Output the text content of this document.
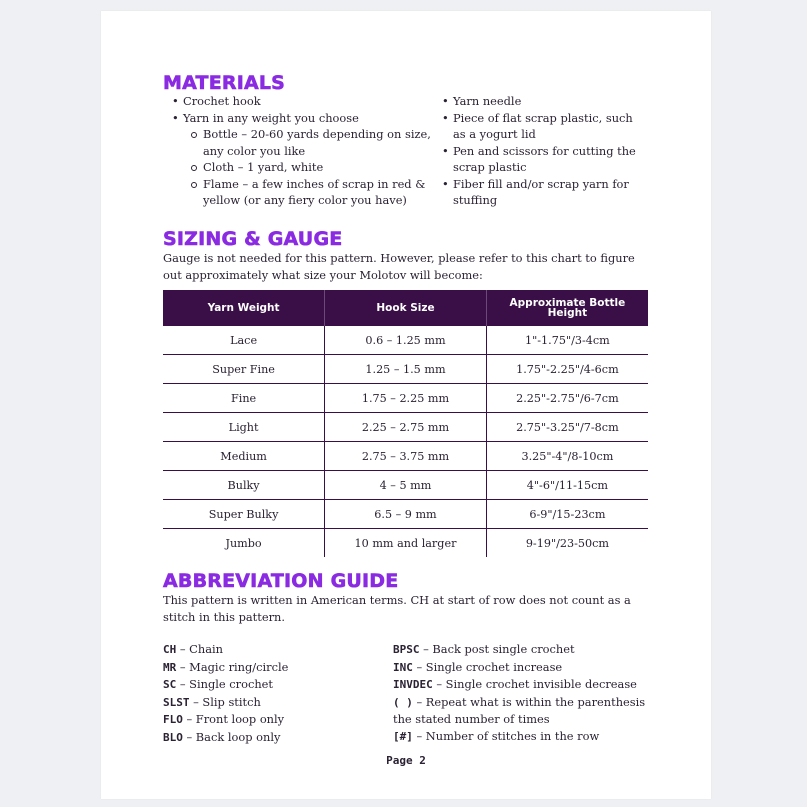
MATERIALS
• Crochet hook
• Yarn in any weight you choose
Bottle – 20-60 yards depending on size, any color you like
Cloth – 1 yard, white
Flame – a few inches of scrap in red & yellow (or any fiery color you have)
• Yarn needle
• Piece of flat scrap plastic, such as a yogurt lid
• Pen and scissors for cutting the scrap plastic
• Fiber fill and/or scrap yarn for stuffing
SIZING & GAUGE
Gauge is not needed for this pattern. However, please refer to this chart to figure out approximately what size your Molotov will become:
Yarn Weight	Hook Size	Approximate Bottle Height
Lace	0.6 – 1.25 mm	1"-1.75"/3-4cm
Super Fine	1.25 – 1.5 mm	1.75"-2.25"/4-6cm
Fine	1.75 – 2.25 mm	2.25"-2.75"/6-7cm
Light	2.25 – 2.75 mm	2.75"-3.25"/7-8cm
Medium	2.75 – 3.75 mm	3.25"-4"/8-10cm
Bulky	4 – 5 mm	4"-6"/11-15cm
Super Bulky	6.5 – 9 mm	6-9"/15-23cm
Jumbo	10 mm and larger	9-19"/23-50cm
ABBREVIATION GUIDE
This pattern is written in American terms. CH at start of row does not count as a stitch in this pattern.
CH – Chain
MR – Magic ring/circle
SC – Single crochet
SLST – Slip stitch
FLO – Front loop only
BLO – Back loop only
BPSC – Back post single crochet
INC – Single crochet increase
INVDEC – Single crochet invisible decrease
( ) – Repeat what is within the parenthesis the stated number of times
[#] – Number of stitches in the row
Page 2
